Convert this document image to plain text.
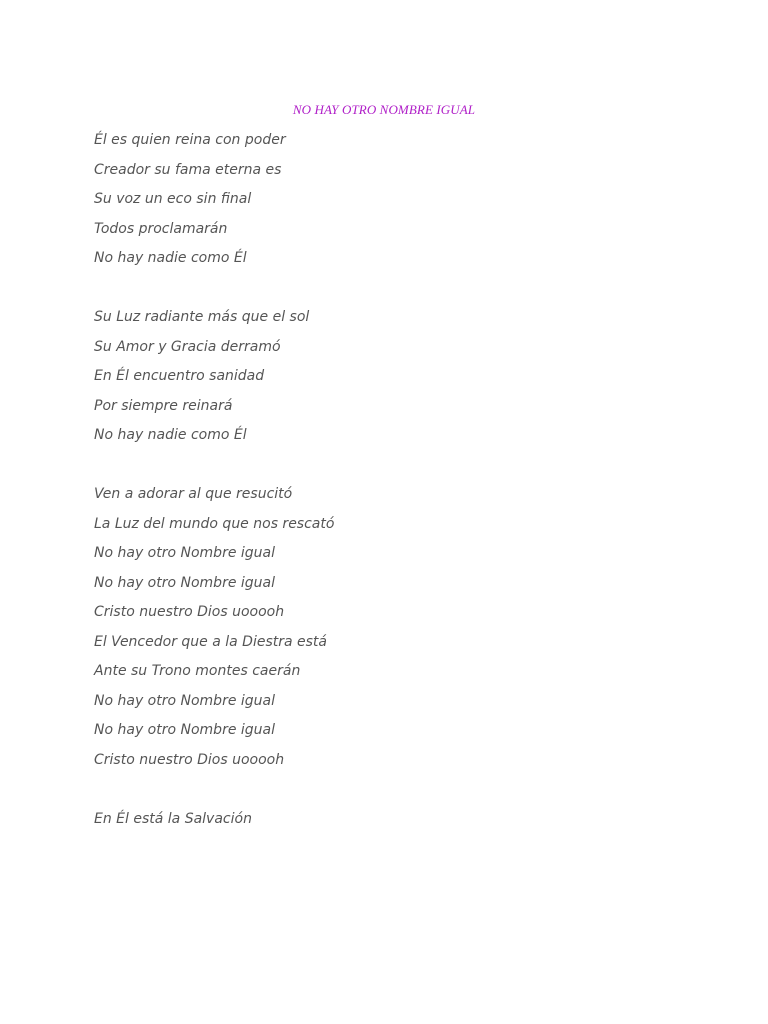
NO HAY OTRO NOMBRE IGUAL
Él es quien reina con poder
Creador su fama eterna es
Su voz un eco sin final
Todos proclamarán
No hay nadie como Él
Su Luz radiante más que el sol
Su Amor y Gracia derramó
En Él encuentro sanidad
Por siempre reinará
No hay nadie como Él
Ven a adorar al que resucitó
La Luz del mundo que nos rescató
No hay otro Nombre igual
No hay otro Nombre igual
Cristo nuestro Dios uooooh
El Vencedor que a la Diestra está
Ante su Trono montes caerán
No hay otro Nombre igual
No hay otro Nombre igual
Cristo nuestro Dios uooooh
En Él está la Salvación
